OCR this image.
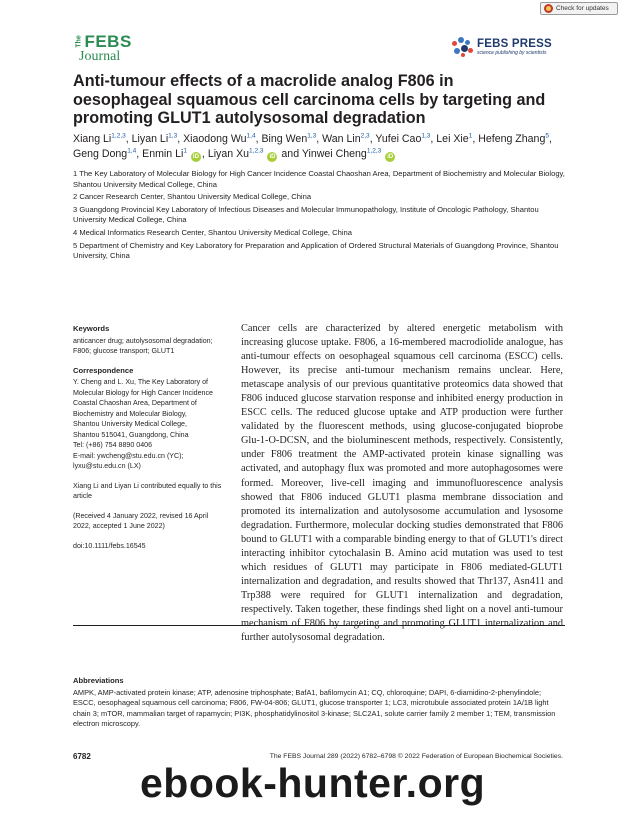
Check for updates
The FEBS
Journal
FEBS PRESS
science publishing by scientists
Anti-tumour effects of a macrolide analog F806 in oesophageal squamous cell carcinoma cells by targeting and promoting GLUT1 autolysosomal degradation
Xiang Li$^{1,2,3}$, Liyan Li$^{1,3}$, Xiaodong Wu$^{1,4}$, Bing Wen$^{1,3}$, Wan Lin$^{2,3}$, Yufei Cao$^{1,3}$, Lei Xie$^1$, Hefeng Zhang$^5$, Geng Dong$^{1,4}$, Enmin Li$^1$ iD , Liyan Xu$^{1,2,3}$ iD and Yinwei Cheng$^{1,2,3}$ iD
1 The Key Laboratory of Molecular Biology for High Cancer Incidence Coastal Chaoshan Area, Department of Biochemistry and Molecular Biology, Shantou University Medical College, China
2 Cancer Research Center, Shantou University Medical College, China
3 Guangdong Provincial Key Laboratory of Infectious Diseases and Molecular Immunopathology, Institute of Oncologic Pathology, Shantou University Medical College, China
4 Medical Informatics Research Center, Shantou University Medical College, China
5 Department of Chemistry and Key Laboratory for Preparation and Application of Ordered Structural Materials of Guangdong Province, Shantou University, China
Keywords
anticancer drug; autolysosomal degradation; F806; glucose transport; GLUT1
Correspondence
Y. Cheng and L. Xu, The Key Laboratory of
Molecular Biology for High Cancer Incidence
Coastal Chaoshan Area, Department of
Biochemistry and Molecular Biology,
Shantou University Medical College,
Shantou 515041, Guangdong, China
Tel: (+86) 754 8890 0406
E-mail: ywcheng@stu.edu.cn (YC);
lyxu@stu.edu.cn (LX)
Xiang Li and Liyan Li contributed equally to this article
(Received 4 January 2022, revised 16 April 2022, accepted 1 June 2022)
doi:10.1111/febs.16545

Cancer cells are characterized by altered energetic metabolism with increasing glucose uptake. F806, a 16-membered macrodiolide analogue, has anti-tumour effects on oesophageal squamous cell carcinoma (ESCC) cells. However, its precise anti-tumour mechanism remains unclear. Here, metascape analysis of our previous quantitative proteomics data showed that F806 induced glucose starvation response and inhibited energy production in ESCC cells. The reduced glucose uptake and ATP production were further validated by the fluorescent methods, using glucose-conjugated bioprobe Glu-1-O-DCSN, and the bioluminescent methods, respectively. Consistently, under F806 treatment the AMP-activated protein kinase signalling was activated, and autophagy flux was promoted and more autophagosomes were formed. Moreover, live-cell imaging and immunofluorescence analysis showed that F806 induced GLUT1 plasma membrane dissociation and promoted its internalization and autolysosome accumulation and lysosome degradation. Furthermore, molecular docking studies demonstrated that F806 bound to GLUT1 with a comparable binding energy to that of GLUT1's direct interacting inhibitor cytochalasin B. Amino acid mutation was used to test which residues of GLUT1 may participate in F806 mediated-GLUT1 internalization and degradation, and results showed that Thr137, Asn411 and Trp388 were required for GLUT1 internalization and degradation, respectively. Taken together, these findings shed light on a novel anti-tumour mechanism of F806 by targeting and promoting GLUT1 internalization and further autolysosomal degradation.

Abbreviations
AMPK, AMP-activated protein kinase; ATP, adenosine triphosphate; BafA1, bafilomycin A1; CQ, chloroquine; DAPI, 6-diamidino-2-phenylindole; ESCC, oesophageal squamous cell carcinoma; F806, FW-04-806; GLUT1, glucose transporter 1; LC3, microtubule associated protein 1A/1B light chain 3; mTOR, mammalian target of rapamycin; PI3K, phosphatidylinositol 3-kinase; SLC2A1, solute carrier family 2 member 1; TEM, transmission electron microscopy.
6782	The FEBS Journal 289 (2022) 6782–6798 © 2022 Federation of European Biochemical Societies.
ebook-hunter.org
